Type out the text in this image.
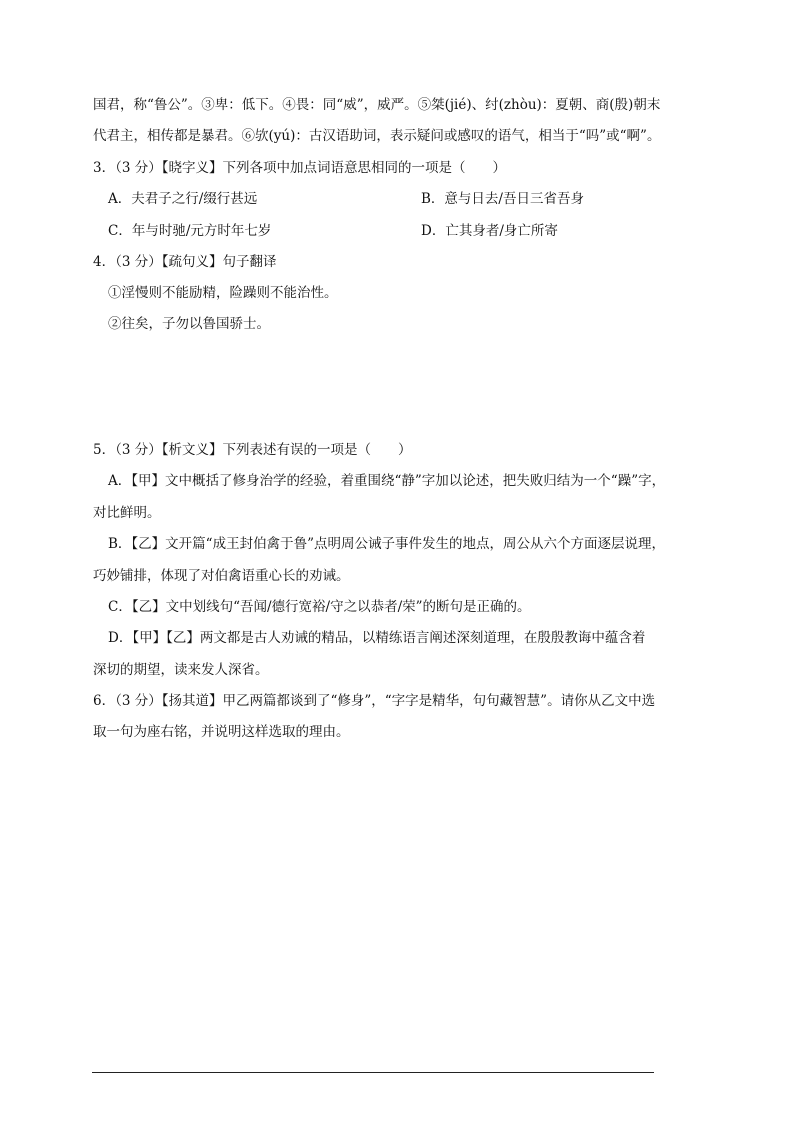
国君，称“鲁公”。③卑：低下。④畏：同“威”，威严。⑤桀(jié)、纣(zhòu)：夏朝、商(殷)朝末
代君主，相传都是暴君。⑥欤(yú)：古汉语助词，表示疑问或感叹的语气，相当于“吗”或“啊”。
3．（3 分）【晓字义】下列各项中加点词语意思相同的一项是（　　）
A．夫君子之行/缀行甚远	B．意与日去/吾日三省吾身
C．年与时驰/元方时年七岁	D．亡其身者/身亡所寄
4．（3 分）【疏句义】句子翻译
①淫慢则不能励精，险躁则不能治性。
②往矣，子勿以鲁国骄士。
5．（3 分）【析文义】下列表述有误的一项是（　　）
A．【甲】文中概括了修身治学的经验，着重围绕“静”字加以论述，把失败归结为一个“躁”字，
对比鲜明。
B．【乙】文开篇“成王封伯禽于鲁”点明周公诫子事件发生的地点，周公从六个方面逐层说理，
巧妙铺排，体现了对伯禽语重心长的劝诫。
C．【乙】文中划线句“吾闻/德行宽裕/守之以恭者/荣”的断句是正确的。
D．【甲】【乙】两文都是古人劝诫的精品，以精练语言阐述深刻道理，在殷殷教诲中蕴含着
深切的期望，读来发人深省。
6．（3 分）【扬其道】甲乙两篇都谈到了“修身”，“字字是精华，句句藏智慧”。请你从乙文中选
取一句为座右铭，并说明这样选取的理由。
